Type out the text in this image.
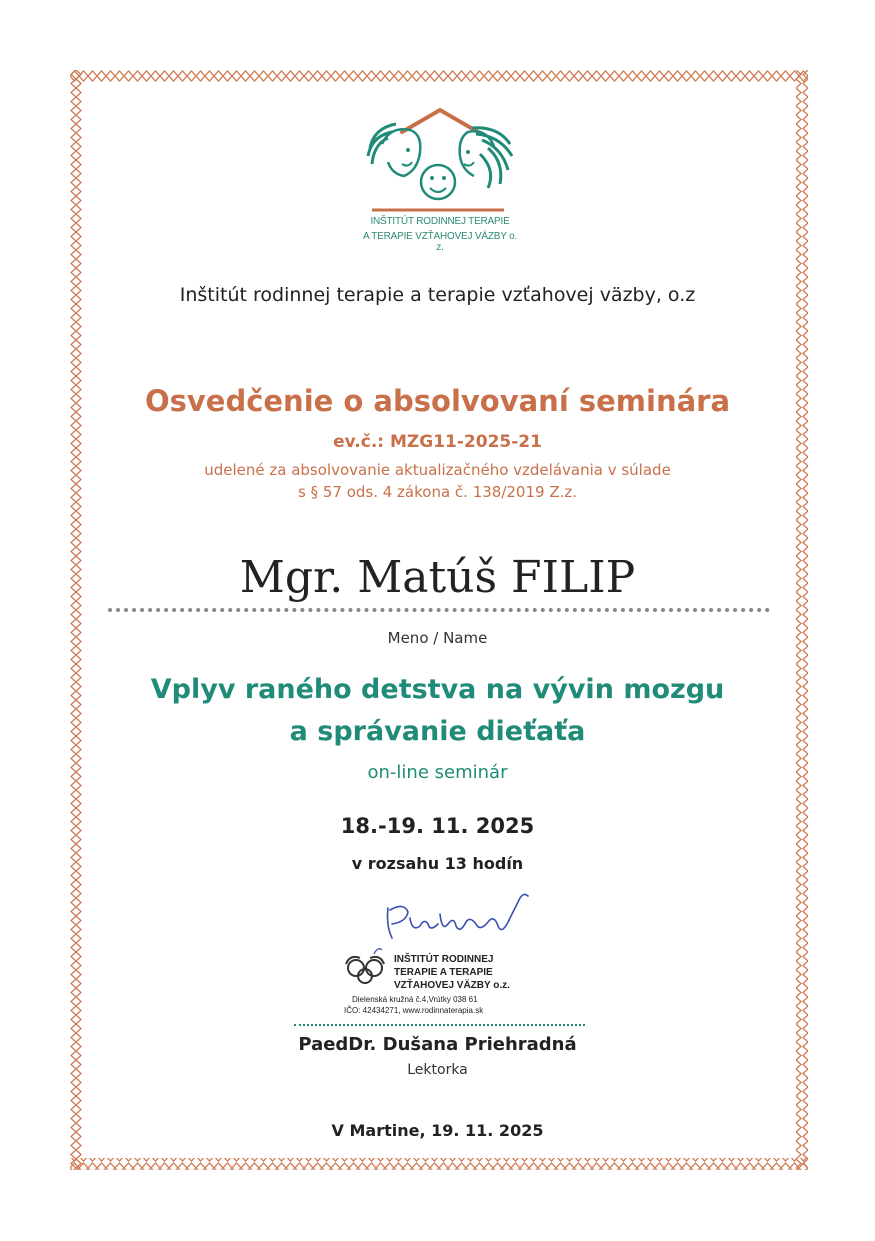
INŠTITÚT RODINNEJ TERAPIE
A TERAPIE VZŤAHOVEJ VÄZBY o. z.
Inštitút rodinnej terapie a terapie vzťahovej väzby, o.z
Osvedčenie o absolvovaní seminára
ev.č.: MZG11-2025-21
udelené za absolvovanie aktualizačného vzdelávania v súlade
s § 57 ods. 4 zákona č. 138/2019 Z.z.
Mgr. Matúš FILIP
Meno / Name
Vplyv raného detstva na vývin mozgu
a správanie dieťaťa
on-line seminár
18.-19. 11. 2025
v rozsahu 13 hodín
INŠTITÚT RODINNEJ
TERAPIE A TERAPIE
VZŤAHOVEJ VÄZBY o.z.
Dielenská kružná č.4,Vrútky 038 61
IČO: 42434271, www.rodinnaterapia.sk
PaedDr. Dušana Priehradná
Lektorka
V Martine, 19. 11. 2025
